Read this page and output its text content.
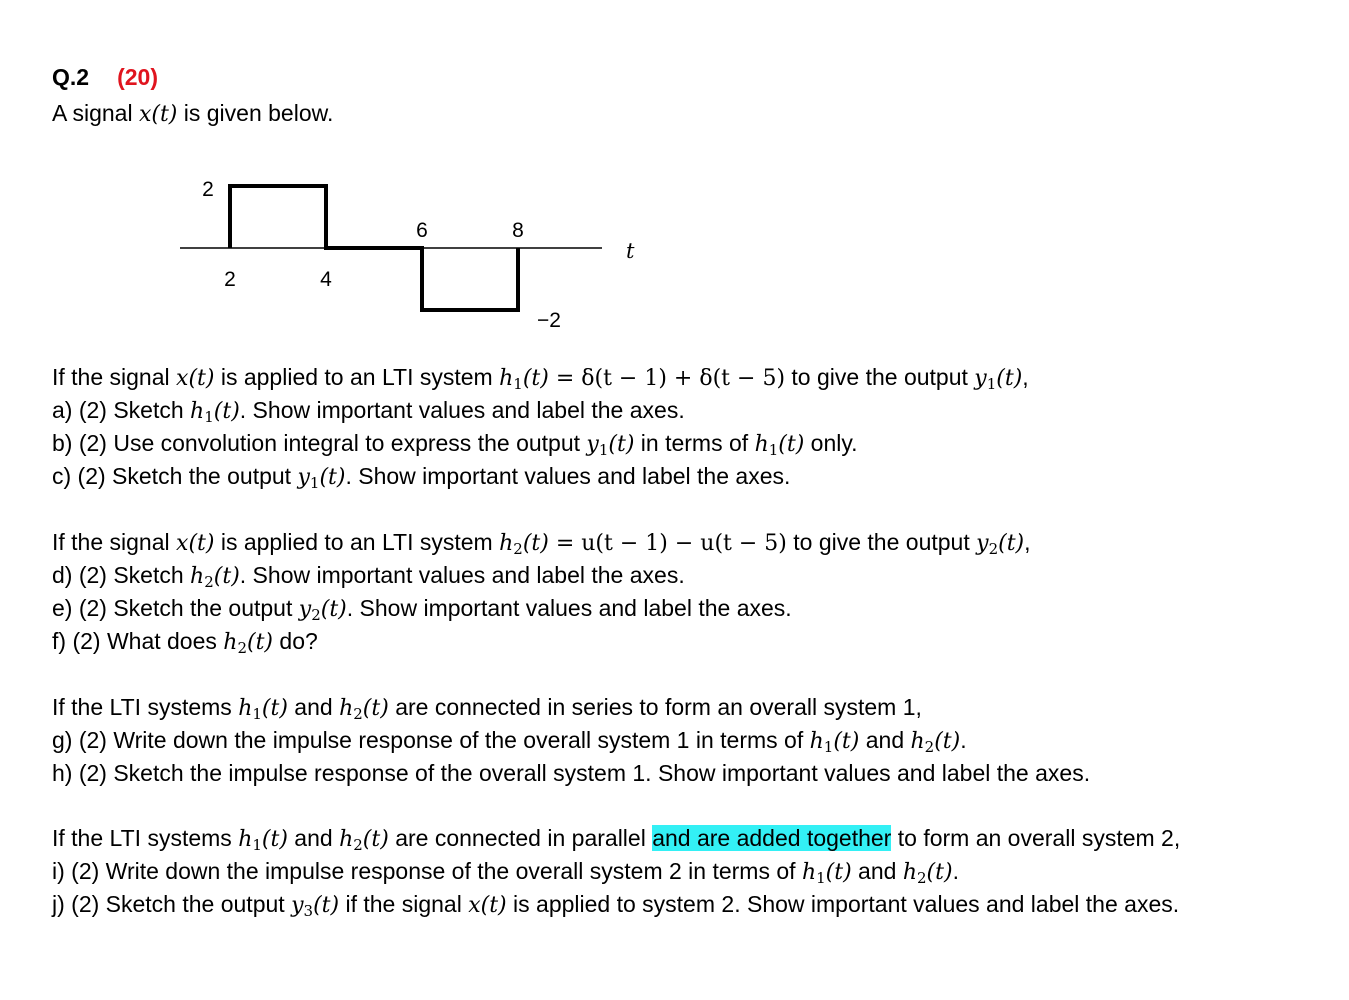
Q.2 (20)
A signal x(t) is given below.
2	4
6	8
2
−2
t
If the signal x(t) is applied to an LTI system $h_1(t) = \delta(t - 1) + \delta(t - 5)$ to give the output $y_1(t)$,
a) (2) Sketch $h_1(t)$. Show important values and label the axes.
b) (2) Use convolution integral to express the output $y_1(t)$ in terms of $h_1(t)$ only.
c) (2) Sketch the output $y_1(t)$. Show important values and label the axes.
If the signal x(t) is applied to an LTI system $h_2(t) = u(t - 1) - u(t - 5)$ to give the output $y_2(t)$,
d) (2) Sketch $h_2(t)$. Show important values and label the axes.
e) (2) Sketch the output $y_2(t)$. Show important values and label the axes.
f) (2) What does $h_2(t)$ do?
If the LTI systems $h_1(t)$ and $h_2(t)$ are connected in series to form an overall system 1,
g) (2) Write down the impulse response of the overall system 1 in terms of $h_1(t)$ and $h_2(t)$.
h) (2) Sketch the impulse response of the overall system 1. Show important values and label the axes.
If the LTI systems $h_1(t)$ and $h_2(t)$ are connected in parallel and are added together to form an overall system 2,
i) (2) Write down the impulse response of the overall system 2 in terms of $h_1(t)$ and $h_2(t)$.
j) (2) Sketch the output $y_3(t)$ if the signal x(t) is applied to system 2. Show important values and label the axes.
